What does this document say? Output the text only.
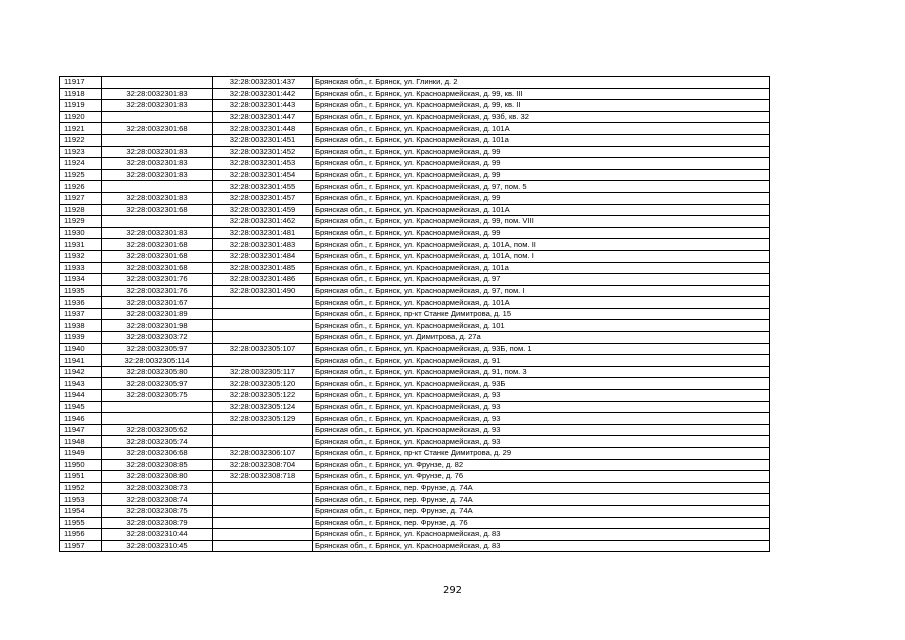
11917		32:28:0032301:437	Брянская обл., г. Брянск, ул. Глинки, д. 2
11918	32:28:0032301:83	32:28:0032301:442	Брянская обл., г. Брянск, ул. Красноармейская, д. 99, кв. III
11919	32:28:0032301:83	32:28:0032301:443	Брянская обл., г. Брянск, ул. Красноармейская, д. 99, кв. II
11920		32:28:0032301:447	Брянская обл., г. Брянск, ул. Красноармейская, д. 93б, кв. 32
11921	32:28:0032301:68	32:28:0032301:448	Брянская обл., г. Брянск, ул. Красноармейская, д. 101А
11922		32:28:0032301:451	Брянская обл., г. Брянск, ул. Красноармейская, д. 101а
11923	32:28:0032301:83	32:28:0032301:452	Брянская обл., г. Брянск, ул. Красноармейская, д. 99
11924	32:28:0032301:83	32:28:0032301:453	Брянская обл., г. Брянск, ул. Красноармейская, д. 99
11925	32:28:0032301:83	32:28:0032301:454	Брянская обл., г. Брянск, ул. Красноармейская, д. 99
11926		32:28:0032301:455	Брянская обл., г. Брянск, ул. Красноармейская, д. 97, пом. 5
11927	32:28:0032301:83	32:28:0032301:457	Брянская обл., г. Брянск, ул. Красноармейская, д. 99
11928	32:28:0032301:68	32:28:0032301:459	Брянская обл., г. Брянск, ул. Красноармейская, д. 101А
11929		32:28:0032301:462	Брянская обл., г. Брянск, ул. Красноармейская, д. 99, пом. VIII
11930	32:28:0032301:83	32:28:0032301:481	Брянская обл., г. Брянск, ул. Красноармейская, д. 99
11931	32:28:0032301:68	32:28:0032301:483	Брянская обл., г. Брянск, ул. Красноармейская, д. 101А, пом. II
11932	32:28:0032301:68	32:28:0032301:484	Брянская обл., г. Брянск, ул. Красноармейская, д. 101А, пом. I
11933	32:28:0032301:68	32:28:0032301:485	Брянская обл., г. Брянск, ул. Красноармейская, д. 101а
11934	32:28:0032301:76	32:28:0032301:486	Брянская обл., г. Брянск, ул. Красноармейская, д. 97
11935	32:28:0032301:76	32:28:0032301:490	Брянская обл., г. Брянск, ул. Красноармейская, д. 97, пом. I
11936	32:28:0032301:67		Брянская обл., г. Брянск, ул. Красноармейская, д. 101А
11937	32:28:0032301:89		Брянская обл., г. Брянск, пр-кт Станке Димитрова, д. 15
11938	32:28:0032301:98		Брянская обл., г. Брянск, ул. Красноармейская, д. 101
11939	32:28:0032303:72		Брянская обл., г. Брянск, ул. Димитрова, д. 27а
11940	32:28:0032305:97	32:28:0032305:107	Брянская обл., г. Брянск, ул. Красноармейская, д. 93Б, пом. 1
11941	32:28:0032305:114		Брянская обл., г. Брянск, ул. Красноармейская, д. 91
11942	32:28:0032305:80	32:28:0032305:117	Брянская обл., г. Брянск, ул. Красноармейская, д. 91, пом. 3
11943	32:28:0032305:97	32:28:0032305:120	Брянская обл., г. Брянск, ул. Красноармейская, д. 93Б
11944	32:28:0032305:75	32:28:0032305:122	Брянская обл., г. Брянск, ул. Красноармейская, д. 93
11945		32:28:0032305:124	Брянская обл., г. Брянск, ул. Красноармейская, д. 93
11946		32:28:0032305:129	Брянская обл., г. Брянск, ул. Красноармейская, д. 93
11947	32:28:0032305:62		Брянская обл., г. Брянск, ул. Красноармейская, д. 93
11948	32:28:0032305:74		Брянская обл., г. Брянск, ул. Красноармейская, д. 93
11949	32:28:0032306:68	32:28:0032306:107	Брянская обл., г. Брянск, пр-кт Станке Димитрова, д. 29
11950	32:28:0032308:85	32:28:0032308:704	Брянская обл., г. Брянск, ул. Фрунзе, д. 82
11951	32:28:0032308:80	32:28:0032308:718	Брянская обл., г. Брянск, ул. Фрунзе, д. 76
11952	32:28:0032308:73		Брянская обл., г. Брянск, пер. Фрунзе, д. 74А
11953	32:28:0032308:74		Брянская обл., г. Брянск, пер. Фрунзе, д. 74А
11954	32:28:0032308:75		Брянская обл., г. Брянск, пер. Фрунзе, д. 74А
11955	32:28:0032308:79		Брянская обл., г. Брянск, пер. Фрунзе, д. 76
11956	32:28:0032310:44		Брянская обл., г. Брянск, ул. Красноармейская, д. 83
11957	32:28:0032310:45		Брянская обл., г. Брянск, ул. Красноармейская, д. 83
292
